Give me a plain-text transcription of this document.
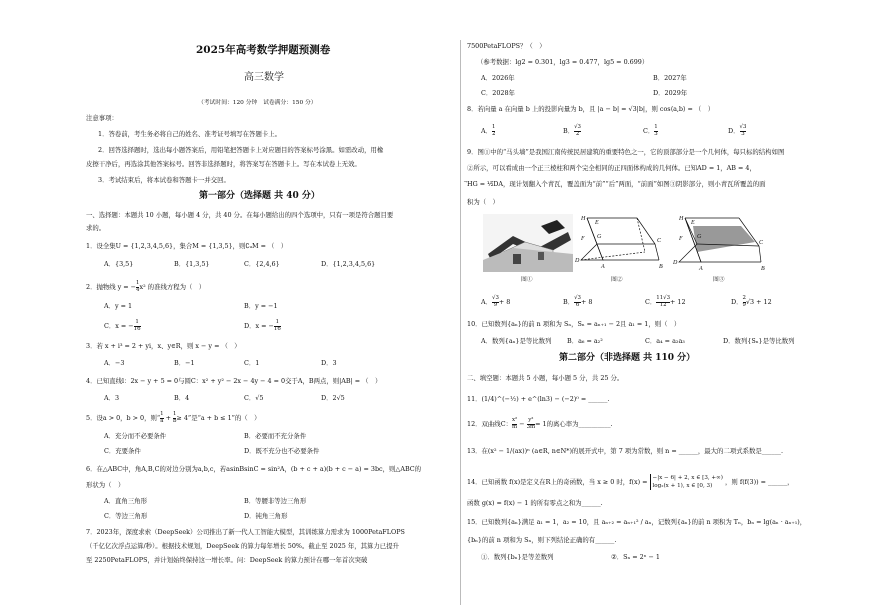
2025年高考数学押题预测卷
高三数学
（考试时间：120 分钟　试卷满分：150 分）
注意事项：
1．答卷前，考生务必将自己的姓名、准考证号填写在答题卡上。
2．回答选择题时，选出每小题答案后，用铅笔把答题卡上对应题目的答案标号涂黑。如需改动，用橡
皮擦干净后，再选涂其他答案标号。回答非选择题时，将答案写在答题卡上。写在本试卷上无效。
3．考试结束后，将本试卷和答题卡一并交回。
第一部分（选择题 共 40 分）
一、选择题：本题共 10 小题，每小题 4 分，共 40 分。在每小题给出的四个选项中，只有一项是符合题目要
求的。
1．设全集U = {1,2,3,4,5,6}，集合M = {1,3,5}，则∁ᵤM = （　）
A．{3,5}	B．{1,3,5}	C．{2,4,6}	D．{1,2,3,4,5,6}
2．抛物线 y = − $\frac{1}{4} x^2$ 的准线方程为（　）
A．y = 1	B．y = −1
C．x = − $\frac{1}{16}$	D．x = − $\frac{1}{16}$
3．若 x + i³ = 2 + yi，x、y∈R，则 x − y = （　）
A．−3	B．−1	C．1	D．3
4．已知直线l：2x − y + 5 = 0与圆C：x² + y² − 2x − 4y − 4 = 0交于A，B两点，则|AB| = （　）
A．3	B．4	C．√5	D．2√5
5．设a > 0，b > 0，则“ $\frac{1}{a} + \frac{1}{b} \ge 4$”是“a + b ≤ 1”的（　）
A．充分而不必要条件	B．必要而不充分条件
C．充要条件	D．既不充分也不必要条件
6．在△ABC中，角A,B,C的对边分别为a,b,c，若asinBsinC = sin²A，(b + c + a)(b + c − a) = 3bc，则△ABC的
形状为（　）
A．直角三角形	B．等腰非等边三角形
C．等边三角形	D．钝角三角形
7．2023年，深度求索（DeepSeek）公司推出了新一代人工智能大模型，其训练算力需求为 1000PetaFLOPS
（千亿亿次浮点运算/秒）。根据技术规划，DeepSeek 的算力每年增长 50%。截止至 2025 年，其算力已提升
至 2250PetaFLOPS，并计划始终保持这一增长率。问：DeepSeek 的算力预计在哪一年首次突破
7500PetaFLOPS？（　）
（参考数据：lg2 = 0.301，lg3 = 0.477，lg5 = 0.699）
A．2026年	B．2027年
C．2028年	D．2029年
8．若向量 a 在向量 b 上的投影向量为 b，且 |a − b| = √3|b|，则 cos⟨a,b⟩ = （　）
A． $\frac{1}{2}$	B． $\frac{√3}{2}$	C． $\frac{1}{3}$	D． $\frac{√3}{3}$
9．图①中的“马头墙”是我国江南传统民居建筑的重要特色之一，它的顶部部分是一个几何体，每只标的结构如图
②所示，可以看成由一个正三棱柱和两个完全相同的正四面体构成的几何体。已知AD = 1，AB = 4，
⃗HG = ½⃗DA，现计划翻入个青瓦，覆盖面为“前”“后”两面，“前面”如图③阴影部分，则小青瓦所覆盖的面
积为（　）
图①
H
E
F G
D
A	B
C
图②
H
E
F G
D
A	B
C
图③
A． $\frac{√3}{9} + 8$	B． $\frac{√3}{6} + 8$	C． $\frac{11√3}{12} + 12$	D． $\frac{2}{9} √3 + 12$
10．已知数列{aₙ}的前 n 项和为 Sₙ，Sₙ = aₙ₊₁ − 2且 a₁ = 1，则（　）
A．数列{aₙ}是等比数列 B．a₆ = a₂²	C．a₄ = a₂a₃	D．数列{Sₙ}是等比数列
第二部分（非选择题 共 110 分）
二、填空题：本题共 5 小题，每小题 5 分，共 25 分。
11．(1/4)^(−½) + e^(ln3) − (−2)⁰ = ______.
12．双曲线C： $\frac{\text{x²}}{m} - \frac{\text{y²}}{3m} = 1$的离心率为__________.
13．在(x² − 1/(ax))ⁿ (a∈R, n∈N*)的展开式中，第 7 项为常数，则 n = ______，最大的二项式系数是______.
14．已知函数 f(x)是定义在R上的奇函数，当 x ≥ 0 时，f(x) = −|x − 6| + 2, x ∈ [3, +∞)
log₂(x + 1), x ∈ [0, 3)	，则 f(f(3)) = ______，
函数 g(x) = f(x) − 1 的所有零点之和为______.
15．已知数列{aₙ}满足 a₁ = 1，a₂ = 10，且 aₙ₊₂ = aₙ₊₁² / aₙ，记数列{aₙ}的前 n 项积为 Tₙ，bₙ = lg(aₙ · aₙ₊₁)，
{bₙ}的前 n 项和为 Sₙ，则下列结论正确的有______.
①．数列{bₙ}是等差数列	②．Sₙ = 2ⁿ − 1
